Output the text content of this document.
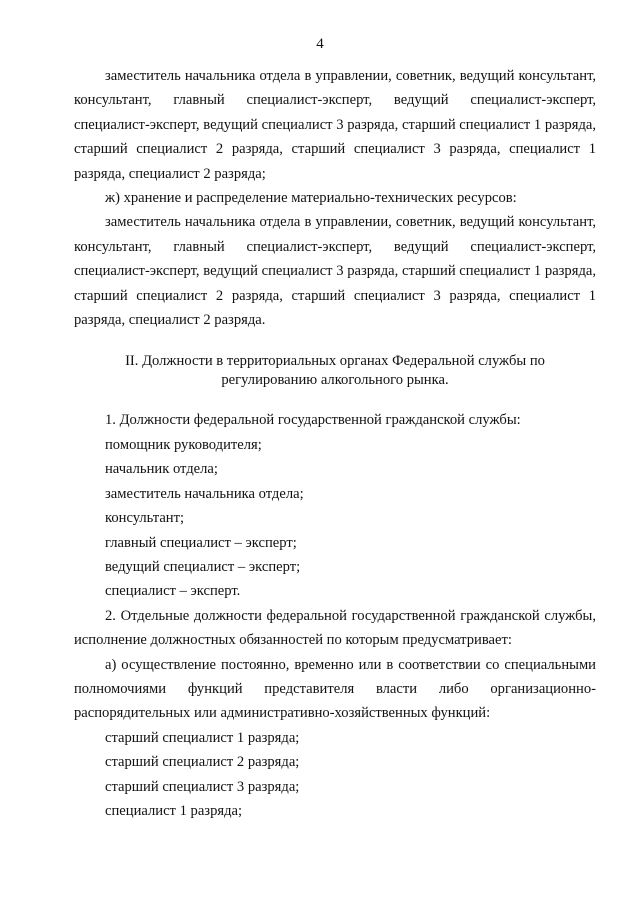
4

заместитель начальника отдела в управлении, советник, ведущий консультант, консультант, главный специалист-эксперт, ведущий специалист-эксперт, специалист-эксперт, ведущий специалист 3 разряда, старший специалист 1 разряда, старший специалист 2 разряда, старший специалист 3 разряда, специалист 1 разряда, специалист 2 разряда;

ж) хранение и распределение материально-технических ресурсов:

заместитель начальника отдела в управлении, советник, ведущий консультант, консультант, главный специалист-эксперт, ведущий специалист-эксперт, специалист-эксперт, ведущий специалист 3 разряда, старший специалист 1 разряда, старший специалист 2 разряда, старший специалист 3 разряда, специалист 1 разряда, специалист 2 разряда.

II. Должности в территориальных органах Федеральной службы по
регулированию алкогольного рынка.

1. Должности федеральной государственной гражданской службы:

помощник руководителя;

начальник отдела;

заместитель начальника отдела;

консультант;

главный специалист – эксперт;

ведущий специалист – эксперт;

специалист – эксперт.

2. Отдельные должности федеральной государственной гражданской службы, исполнение должностных обязанностей по которым предусматривает:

а) осуществление постоянно, временно или в соответствии со специальными полномочиями функций представителя власти либо организационно-распорядительных или административно-хозяйственных функций:

старший специалист 1 разряда;

старший специалист 2 разряда;

старший специалист 3 разряда;

специалист 1 разряда;
